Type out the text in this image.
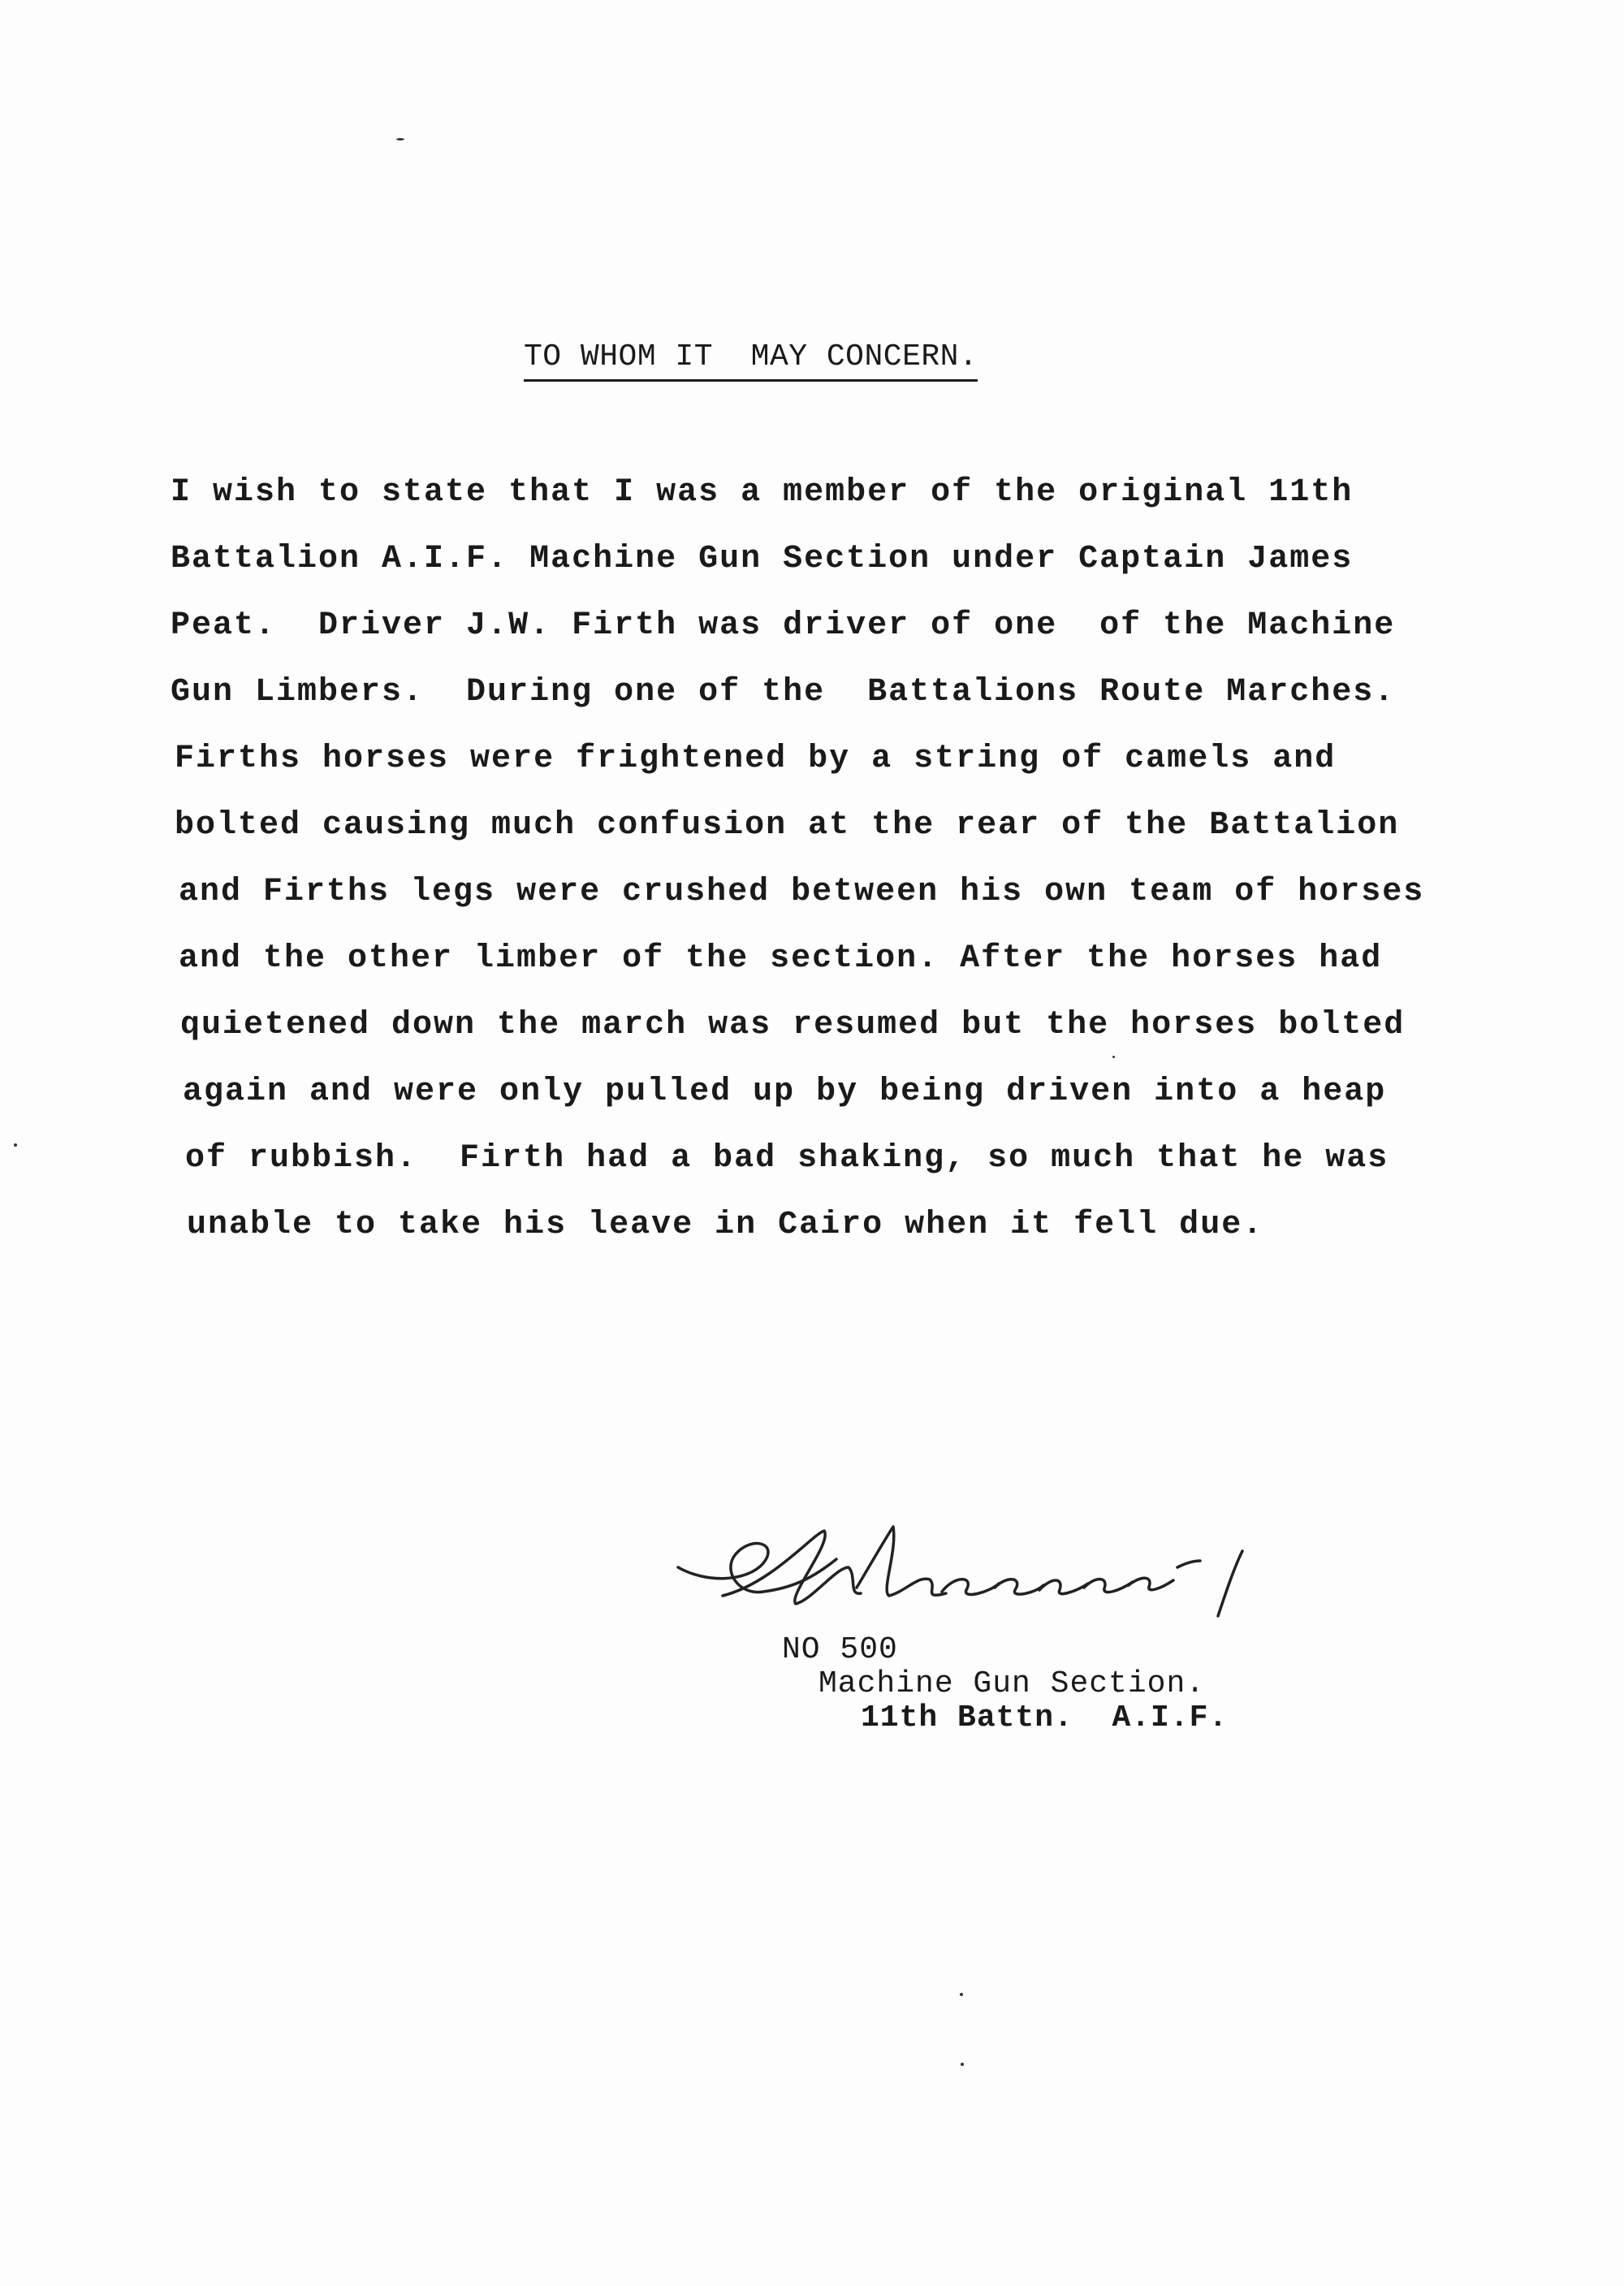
TO WHOM IT  MAY CONCERN.
I wish to state that I was a member of the original 11th
Battalion A.I.F. Machine Gun Section under Captain James
Peat.  Driver J.W. Firth was driver of one  of the Machine
Gun Limbers.  During one of the  Battalions Route Marches.
Firths horses were frightened by a string of camels and
bolted causing much confusion at the rear of the Battalion
and Firths legs were crushed between his own team of horses
and the other limber of the section. After the horses had
quietened down the march was resumed but the horses bolted
again and were only pulled up by being driven into a heap
of rubbish.  Firth had a bad shaking, so much that he was
unable to take his leave in Cairo when it fell due.
NO 500
Machine Gun Section.
11th Battn.  A.I.F.
